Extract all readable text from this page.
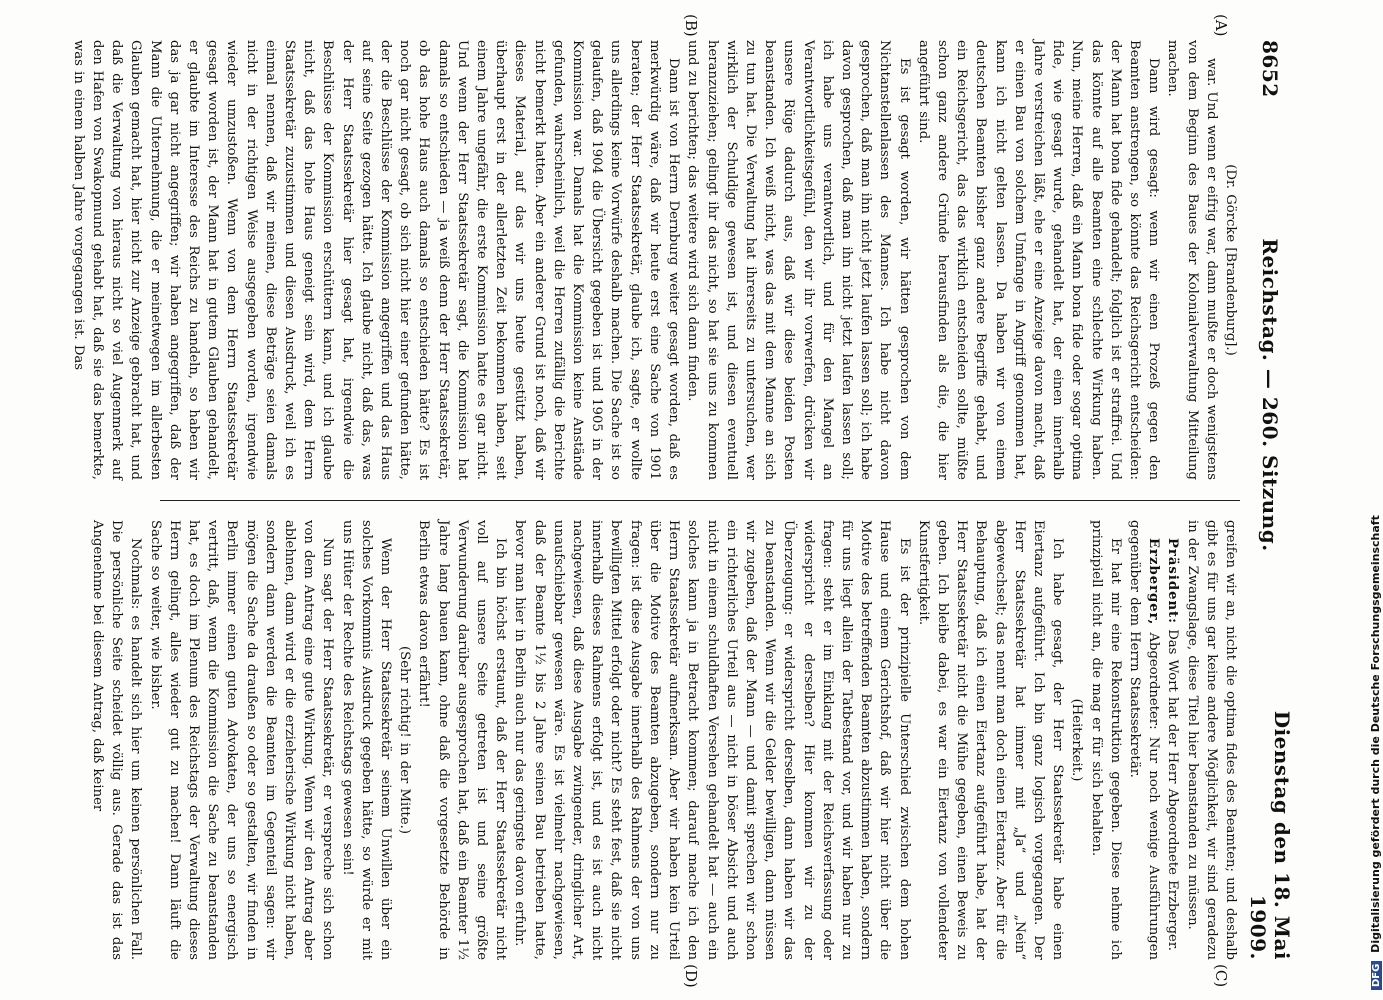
8652
Reichstag. — 260. Sitzung.
Dienstag den 18. Mai 1909.
(A)
(B)
(C)
(D)

(Dr. Görcke [Brandenburg].)

war. Und wenn er eifrig war, dann mußte er doch wenigstens von dem Beginn des Baues der Kolonialverwaltung Mitteilung machen.

Dann wird gesagt: wenn wir einen Prozeß gegen den Beamten anstrengen, so könnte das Reichsgericht entscheiden: der Mann hat bona fide gehandelt; folglich ist er straffrei. Und das könnte auf alle Beamten eine schlechte Wirkung haben. Nun, meine Herren, daß ein Mann bona fide oder sogar optima fide, wie gesagt wurde, gehandelt hat, der einen innerhalb Jahre verstreichen läßt, ehe er eine Anzeige davon macht, daß er einen Bau von solchem Umfange in Angriff genommen hat, kann ich nicht gelten lassen. Da haben wir von einem deutschen Beamten bisher ganz andere Begriffe gehabt, und ein Reichsgericht, das das wirklich entscheiden sollte, müßte schon ganz andere Gründe herausfinden als die, die hier angeführt sind.

Es ist gesagt worden, wir hätten gesprochen von dem Nichtanstellenlassen des Mannes. Ich habe nicht davon gesprochen, daß man ihn nicht jetzt laufen lassen soll; ich habe davon gesprochen, daß man ihn nicht jetzt laufen lassen soll; ich habe uns verantwortlich, und für den Mangel an Verantwortlichkeitsgefühl, den wir ihr vorwerfen, drücken wir unsere Rüge dadurch aus, daß wir diese beiden Posten beanstanden. Ich weiß nicht, was das mit dem Manne an sich zu tun hat. Die Verwaltung hat ihrerseits zu untersuchen, wer wirklich der Schuldige gewesen ist, und diesen eventuell heranzuziehen; gelingt ihr das nicht, so hat sie uns zu kommen und zu berichten; das weitere wird sich dann finden.

Dann ist von Herrn Dernburg weiter gesagt worden, daß es merkwürdig wäre, daß wir heute erst eine Sache von 1901 beraten; der Herr Staatssekretär, glaube ich, sagte, er wollte uns allerdings keine Vorwürfe deshalb machen. Die Sache ist so gelaufen, daß 1904 die Übersicht gegeben ist und 1905 in der Kommission war. Damals hat die Kommission keine Anstände gefunden, wahrscheinlich, weil die Herren zufällig die Berichte nicht bemerkt hatten. Aber ein anderer Grund ist noch, daß wir dieses Material, auf das wir uns heute gestützt haben, überhaupt erst in der allerletzten Zeit bekommen haben, seit einem Jahre ungefähr, die erste Kommission hatte es gar nicht. Und wenn der Herr Staatssekretär sagt, die Kommission hat damals so entschieden — ja weiß denn der Herr Staatssekretär, ob das hohe Haus auch damals so entschieden hätte? Es ist noch gar nicht gesagt, ob sich nicht hier einer gefunden hätte, der die Beschlüsse der Kommission angegriffen und das Haus auf seine Seite gezogen hätte. Ich glaube nicht, daß das, was der Herr Staatssekretär hier gesagt hat, irgendwie die Beschlüsse der Kommission erschüttern kann, und ich glaube nicht, daß das hohe Haus geneigt sein wird, dem Herrn Staatssekretär zuzustimmen und diesen Ausdruck, weil ich es einmal nennen, daß wir meinen, diese Beträge seien damals nicht in der richtigen Weise ausgegeben worden, irgendwie wieder umzustoßen. Wenn von dem Herrn Staatssekretär gesagt worden ist, der Mann hat in gutem Glauben gehandelt, er glaubte im Interesse des Reichs zu handeln, so haben wir das ja gar nicht angegriffen; wir haben angegriffen, daß der Mann die Unternehmung, die er meinetwegen im allerbesten Glauben gemacht hat, hier nicht zur Anzeige gebracht hat, und daß die Verwaltung von hieraus nicht so viel Augenmerk auf den Hafen von Swakopmund gehabt hat, daß sie das bemerkte, was in einem halben Jahre vorgegangen ist. Das

greifen wir an, nicht die optima fides des Beamten; und deshalb gibt es für uns gar keine andere Möglichkeit, wir sind geradezu in der Zwangslage, diese Titel hier beanstanden zu müssen.

Präsident: Das Wort hat der Herr Abgeordnete Erzberger.

Erzberger, Abgeordneter: Nur noch wenige Ausführungen gegenüber dem Herrn Staatssekretär.

Er hat mir eine Rekonstruktion gegeben. Diese nehme ich prinzipiell nicht an, die mag er für sich behalten.

(Heiterkeit.)

Ich habe gesagt, der Herr Staatssekretär habe einen Eiertanz aufgeführt. Ich bin ganz logisch vorgegangen. Der Herr Staatssekretär hat immer mit „Ja“ und „Nein“ abgewechselt; das nennt man doch einen Eiertanz. Aber für die Behauptung, daß ich einen Eiertanz aufgeführt habe, hat der Herr Staatssekretär nicht die Mühe gegeben, einen Beweis zu geben. Ich bleibe dabei, es war ein Eiertanz von vollendeter Kunstfertigkeit.

Es ist der prinzipielle Unterschied zwischen dem hohen Hause und einem Gerichtshof, daß wir hier nicht über die Motive des betreffenden Beamten abzustimmen haben, sondern für uns liegt allein der Tatbestand vor, und wir haben nur zu fragen: steht er im Einklang mit der Reichsverfassung oder widerspricht er derselben? Hier kommen wir zu der Überzeugung: er widerspricht derselben, dann haben wir das zu beanstanden. Wenn wir die Gelder bewilligen, dann müssen wir zugeben, daß der Mann — und damit sprechen wir schon ein richterliches Urteil aus — nicht in böser Absicht und auch nicht in einem schuldhaften Versehen gehandelt hat — auch ein solches kann ja in Betracht kommen; darauf mache ich den Herrn Staatssekretär aufmerksam. Aber wir haben kein Urteil über die Motive des Beamten abzugeben, sondern nur zu fragen: ist diese Ausgabe innerhalb des Rahmens der von uns bewilligten Mittel erfolgt oder nicht? Es steht fest, daß sie nicht innerhalb dieses Rahmens erfolgt ist, und es ist auch nicht nachgewiesen, daß diese Ausgabe zwingender, dringlicher Art, unaufschiebbar gewesen wäre. Es ist vielmehr nachgewiesen, daß der Beamte 1½ bis 2 Jahre seinen Bau betrieben hatte, bevor man hier in Berlin auch nur das geringste davon erfuhr.

Ich bin höchst erstaunt, daß der Herr Staatssekretär nicht voll auf unsere Seite getreten ist und seine größte Verwunderung darüber ausgesprochen hat, daß ein Beamter 1½ Jahre lang bauen kann, ohne daß die vorgesetzte Behörde in Berlin etwas davon erfährt!

(Sehr richtig! in der Mitte.)

Wenn der Herr Staatssekretär seinem Unwillen über ein solches Vorkommnis Ausdruck gegeben hätte, so würde er mit uns Hüter der Rechte des Reichstags gewesen sein!

Nun sagt der Herr Staatssekretär, er verspreche sich schon von dem Antrag eine gute Wirkung. Wenn wir den Antrag aber ablehnen, dann wird er die erzieherische Wirkung nicht haben, sondern dann werden die Beamten im Gegenteil sagen: wir mögen die Sache da draußen so oder so gestalten, wir finden in Berlin immer einen guten Advokaten, der uns so energisch vertritt, daß, wenn die Kommission die Sache zu beanstanden hat, es doch im Plenum des Reichstags der Verwaltung dieses Herrn gelingt, alles wieder gut zu machen! Dann läuft die Sache so weiter, wie bisher.

Nochmals: es handelt sich hier um keinen persönlichen Fall. Die persönliche Seite scheidet völlig aus. Gerade das ist das Angenehme bei diesem Antrag, daß keiner

DFG Digitalisierung gefördert durch die Deutsche Forschungsgemeinschaft
